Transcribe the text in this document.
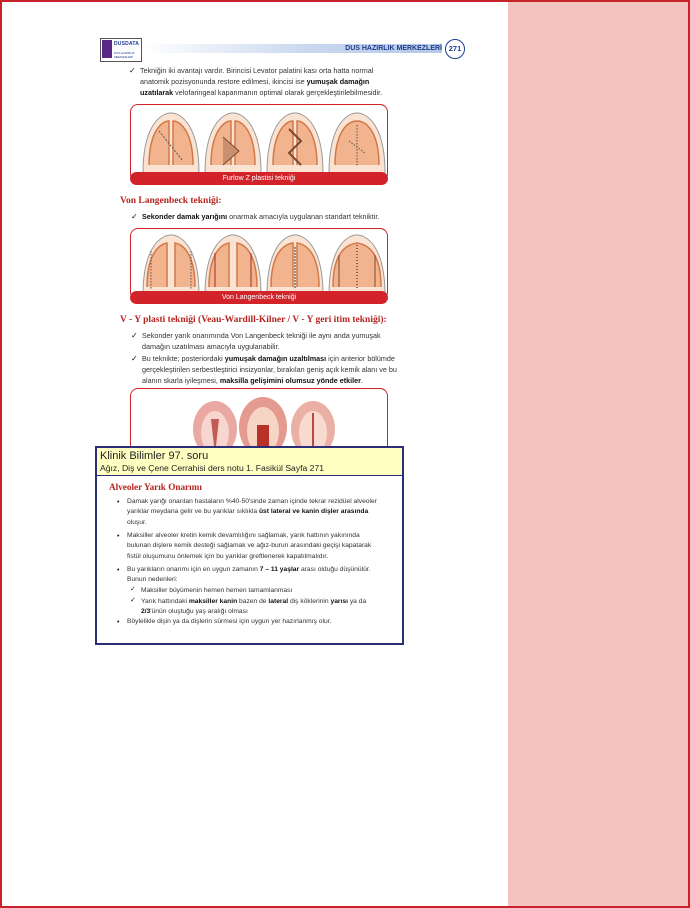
DUSDATA
DUS HAZIRLIK MERKEZLERİ
DUS HAZIRLIK MERKEZLERİ 271
✓ Tekniğin iki avantajı vardır. Birincisi Levator palatini kası orta hatta normal
anatomik pozisyonunda restore edilmesi, ikincisi ise yumuşak damağın
uzatılarak velofaringeal kapanmanın optimal olarak gerçekleştirilebilmesidir.
Furlow Z plastisi tekniği
Von Langenbeck tekniği:
✓ Sekonder damak yarığını onarmak amacıyla uygulanan standart tekniktir.
Von Langenbeck tekniği
V - Y plasti tekniği (Veau-Wardill-Kilner / V - Y geri itim tekniği):
✓ Sekonder yarık onarımında Von Langenbeck tekniği ile aynı anda yumuşak
damağın uzatılması amacıyla uygulanabilir.
✓ Bu teknikte; posteriordaki yumuşak damağın uzaltılması için anterior bölümde
gerçekleştirilen serbestleştirici insizyonlar, bırakılan geniş açık kemik alanı ve bu
alanın skarla iyileşmesi, maksilla gelişimini olumsuz yönde etkiler.
Klinik Bilimler 97. soru
Ağız, Diş ve Çene Cerrahisi ders notu 1. Fasikül Sayfa 271
Alveoler Yarık Onarımı
• Damak yarığı onarılan hastaların %40-50'sinde zaman içinde tekrar rezidüel alveoler
yarıklar meydana gelir ve bu yarıklar sıklıkla üst lateral ve kanin dişler arasında
oluşur.
• Maksiller alveoler kretin kemik devamlılığını sağlamak, yarık hattının yakınında
bulunan dişlere kemik desteği sağlamak ve ağız-burun arasındaki geçişi kapatarak
fistül oluşumunu önlemek için bu yarıklar greftlenerek kapatılmalıdır.
• Bu yarıkların onarımı için en uygun zamanın 7 – 11 yaşlar arası olduğu düşünülür.
Bunun nedenleri:
✓ Maksiller büyümenin hemen hemen tamamlanması
✓ Yarık hattındaki maksiller kanin bazen de lateral diş köklerinin yarısı ya da
2/3'ünün oluştuğu yaş aralığı olması
• Böylelikle dişin ya da dişlerin sürmesi için uygun yer hazırlanmış olur.
